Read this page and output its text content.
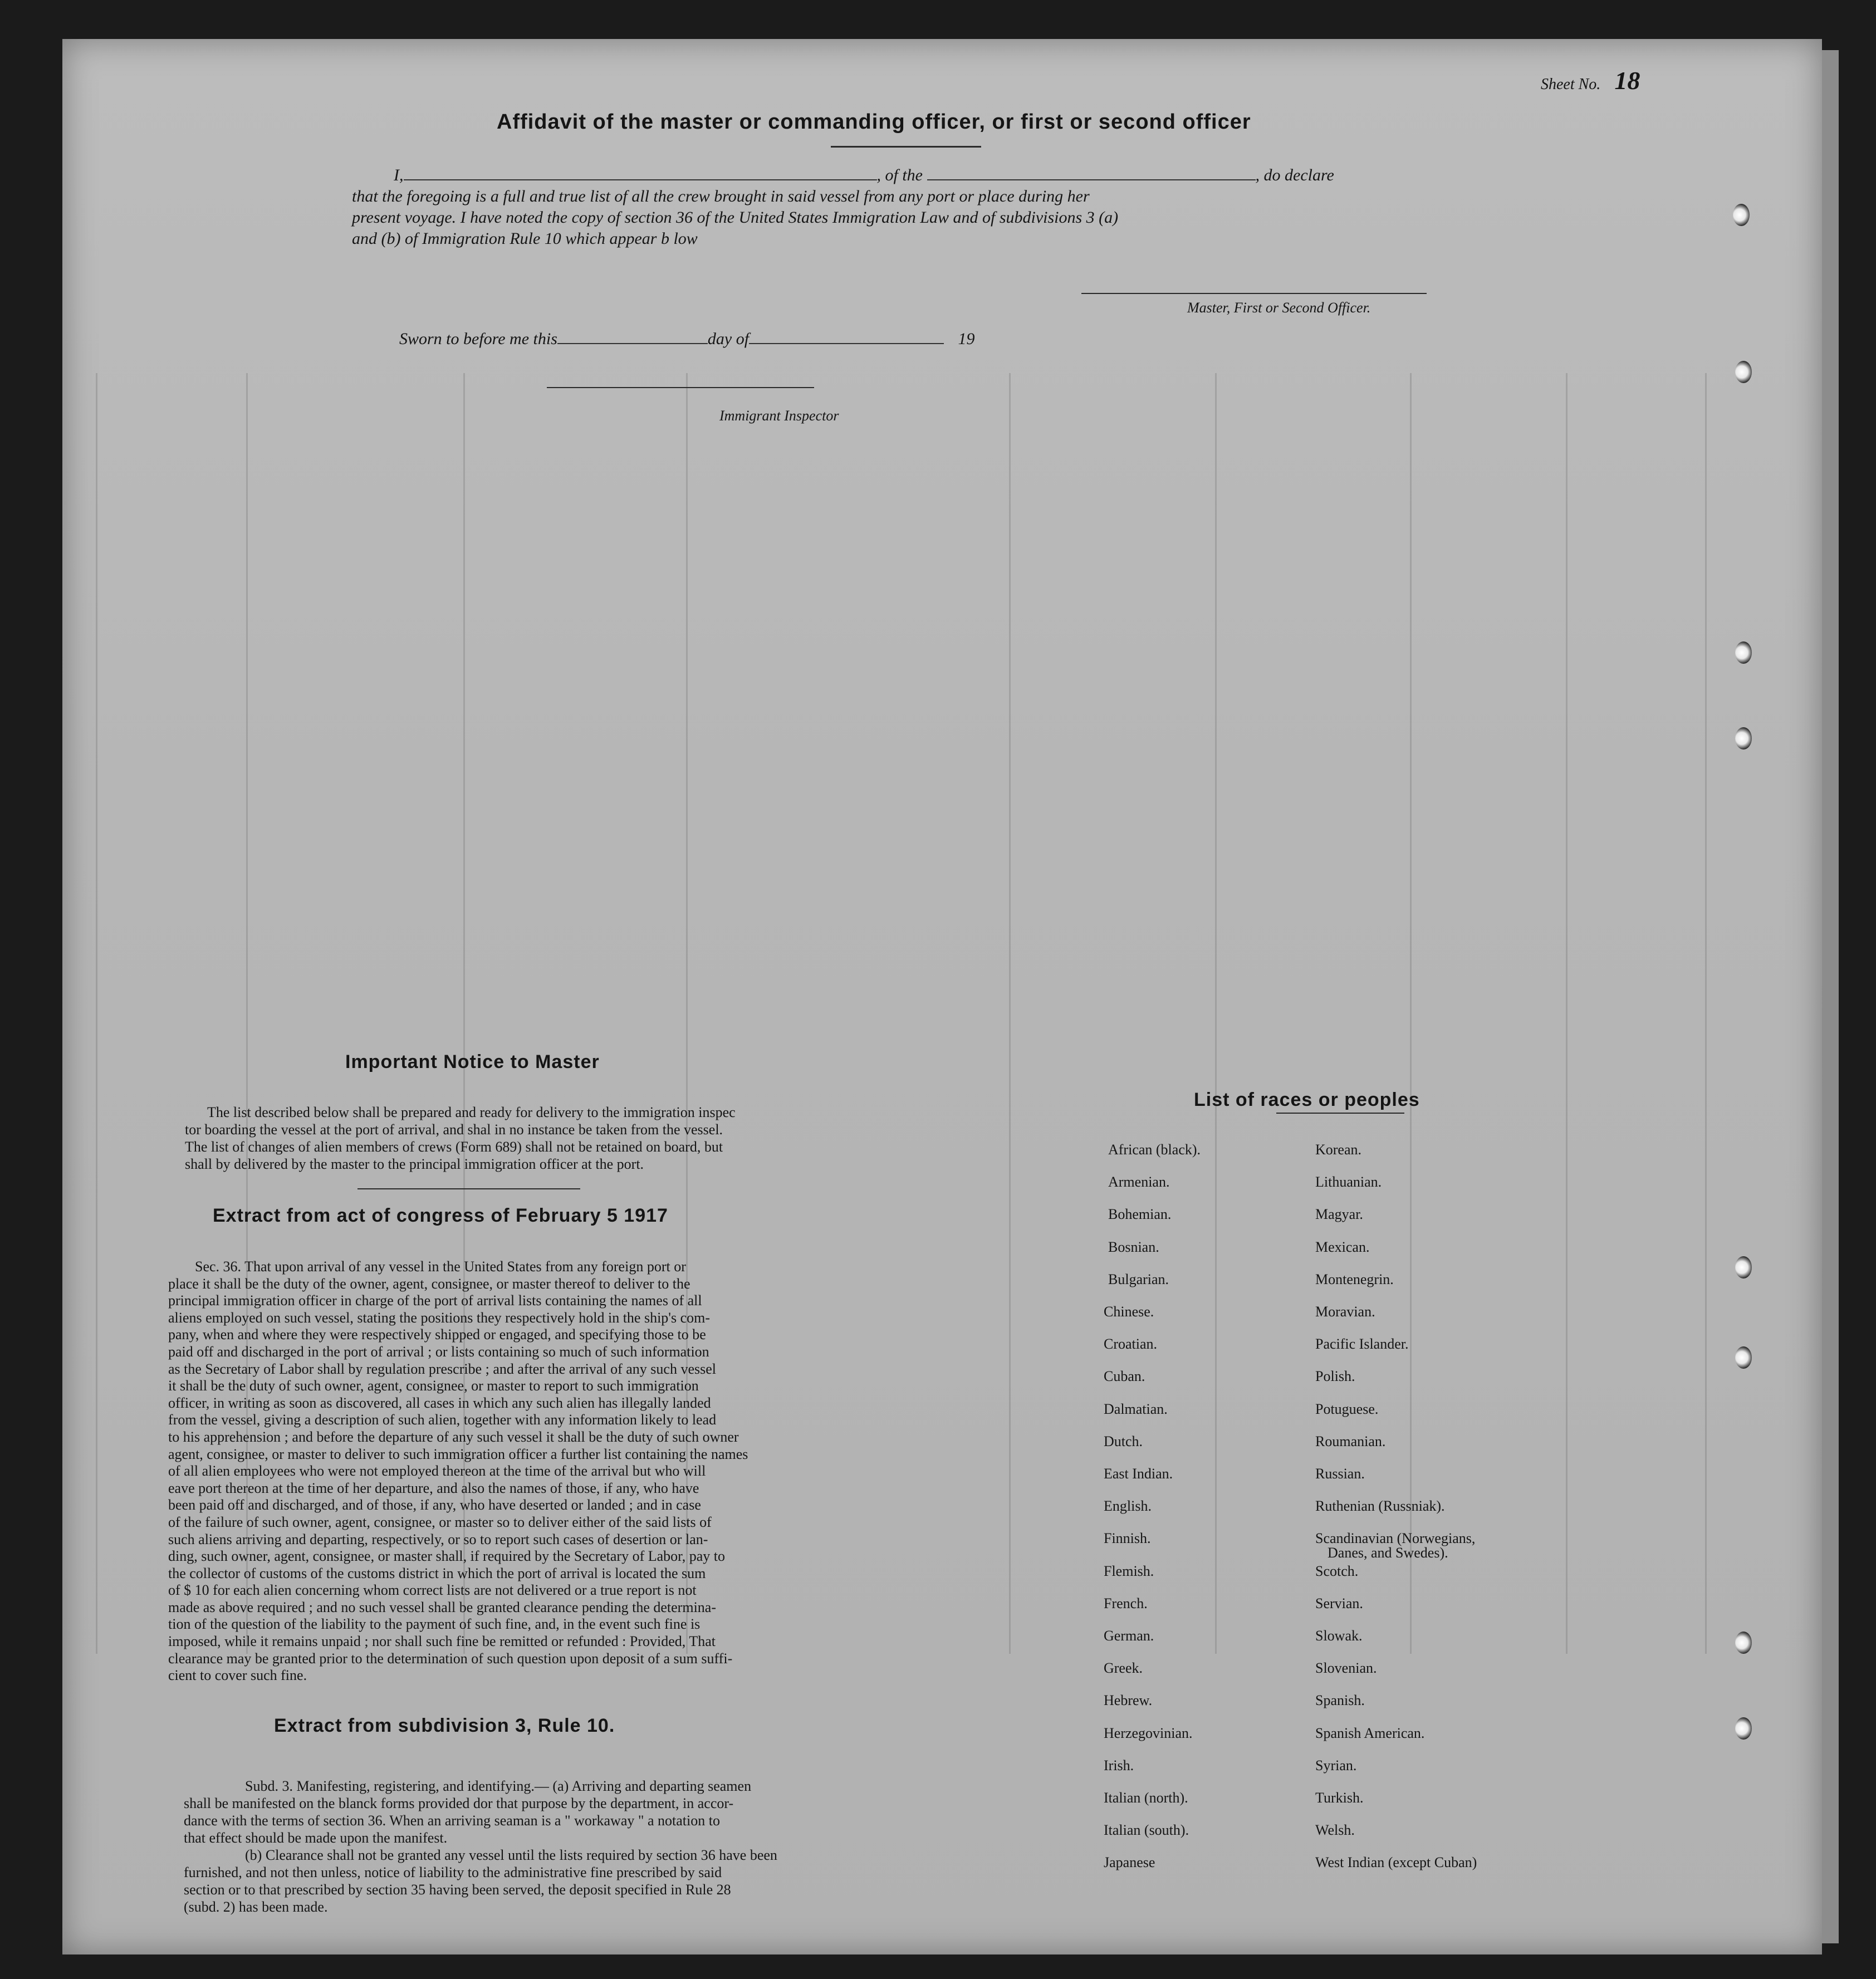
Sheet No. 18
Affidavit of the master or commanding officer, or first or second officer
I,	, of the	, do declare
that the foregoing is a full and true list of all the crew brought in said vessel from any port or place during her
present voyage. I have noted the copy of section 36 of the United States Immigration Law and of subdivisions 3 (a)
and (b) of Immigration Rule 10 which appear b low
Master, First or Second Officer.
Sworn to before me this	day of	19
Immigrant Inspector
Important Notice to Master
The list described below shall be prepared and ready for delivery to the immigration inspec
tor boarding the vessel at the port of arrival, and shal in no instance be taken from the vessel.
The list of changes of alien members of crews (Form 689) shall not be retained on board, but
shall by delivered by the master to the principal immigration officer at the port.
Extract from act of congress of February 5 1917
Sec. 36. That upon arrival of any vessel in the United States from any foreign port or
place it shall be the duty of the owner, agent, consignee, or master thereof to deliver to the
principal immigration officer in charge of the port of arrival lists containing the names of all
aliens employed on such vessel, stating the positions they respectively hold in the ship's com-
pany, when and where they were respectively shipped or engaged, and specifying those to be
paid off and discharged in the port of arrival ; or lists containing so much of such information
as the Secretary of Labor shall by regulation prescribe ; and after the arrival of any such vessel
it shall be the duty of such owner, agent, consignee, or master to report to such immigration
officer, in writing as soon as discovered, all cases in which any such alien has illegally landed
from the vessel, giving a description of such alien, together with any information likely to lead
to his apprehension ; and before the departure of any such vessel it shall be the duty of such owner
agent, consignee, or master to deliver to such immigration officer a further list containing the names
of all alien employees who were not employed thereon at the time of the arrival but who will
eave port thereon at the time of her departure, and also the names of those, if any, who have
been paid off and discharged, and of those, if any, who have deserted or landed ; and in case
of the failure of such owner, agent, consignee, or master so to deliver either of the said lists of
such aliens arriving and departing, respectively, or so to report such cases of desertion or lan-
ding, such owner, agent, consignee, or master shall, if required by the Secretary of Labor, pay to
the collector of customs of the customs district in which the port of arrival is located the sum
of $ 10 for each alien concerning whom correct lists are not delivered or a true report is not
made as above required ; and no such vessel shall be granted clearance pending the determina-
tion of the question of the liability to the payment of such fine, and, in the event such fine is
imposed, while it remains unpaid ; nor shall such fine be remitted or refunded : Provided, That
clearance may be granted prior to the determination of such question upon deposit of a sum suffi-
cient to cover such fine.
Extract from subdivision 3, Rule 10.
Subd. 3. Manifesting, registering, and identifying.— (a) Arriving and departing seamen
shall be manifested on the blanck forms provided dor that purpose by the department, in accor-
dance with the terms of section 36. When an arriving seaman is a " workaway " a notation to
that effect should be made upon the manifest.
(b) Clearance shall not be granted any vessel until the lists required by section 36 have been
furnished, and not then unless, notice of liability to the administrative fine prescribed by said
section or to that prescribed by section 35 having been served, the deposit specified in Rule 28
(subd. 2) has been made.
List of races or peoples
African (black).
Armenian.
Bohemian.
Bosnian.
Bulgarian.
Chinese.
Croatian.
Cuban.
Dalmatian.
Dutch.
East Indian.
English.
Finnish.
Flemish.
French.
German.
Greek.
Hebrew.
Herzegovinian.
Irish.
Italian (north).
Italian (south).
Japanese
Korean.
Lithuanian.
Magyar.
Mexican.
Montenegrin.
Moravian.
Pacific Islander.
Polish.
Potuguese.
Roumanian.
Russian.
Ruthenian (Russniak).
Scandinavian (Norwegians,
Danes, and Swedes).
Scotch.
Servian.
Slowak.
Slovenian.
Spanish.
Spanish American.
Syrian.
Turkish.
Welsh.
West Indian (except Cuban)
